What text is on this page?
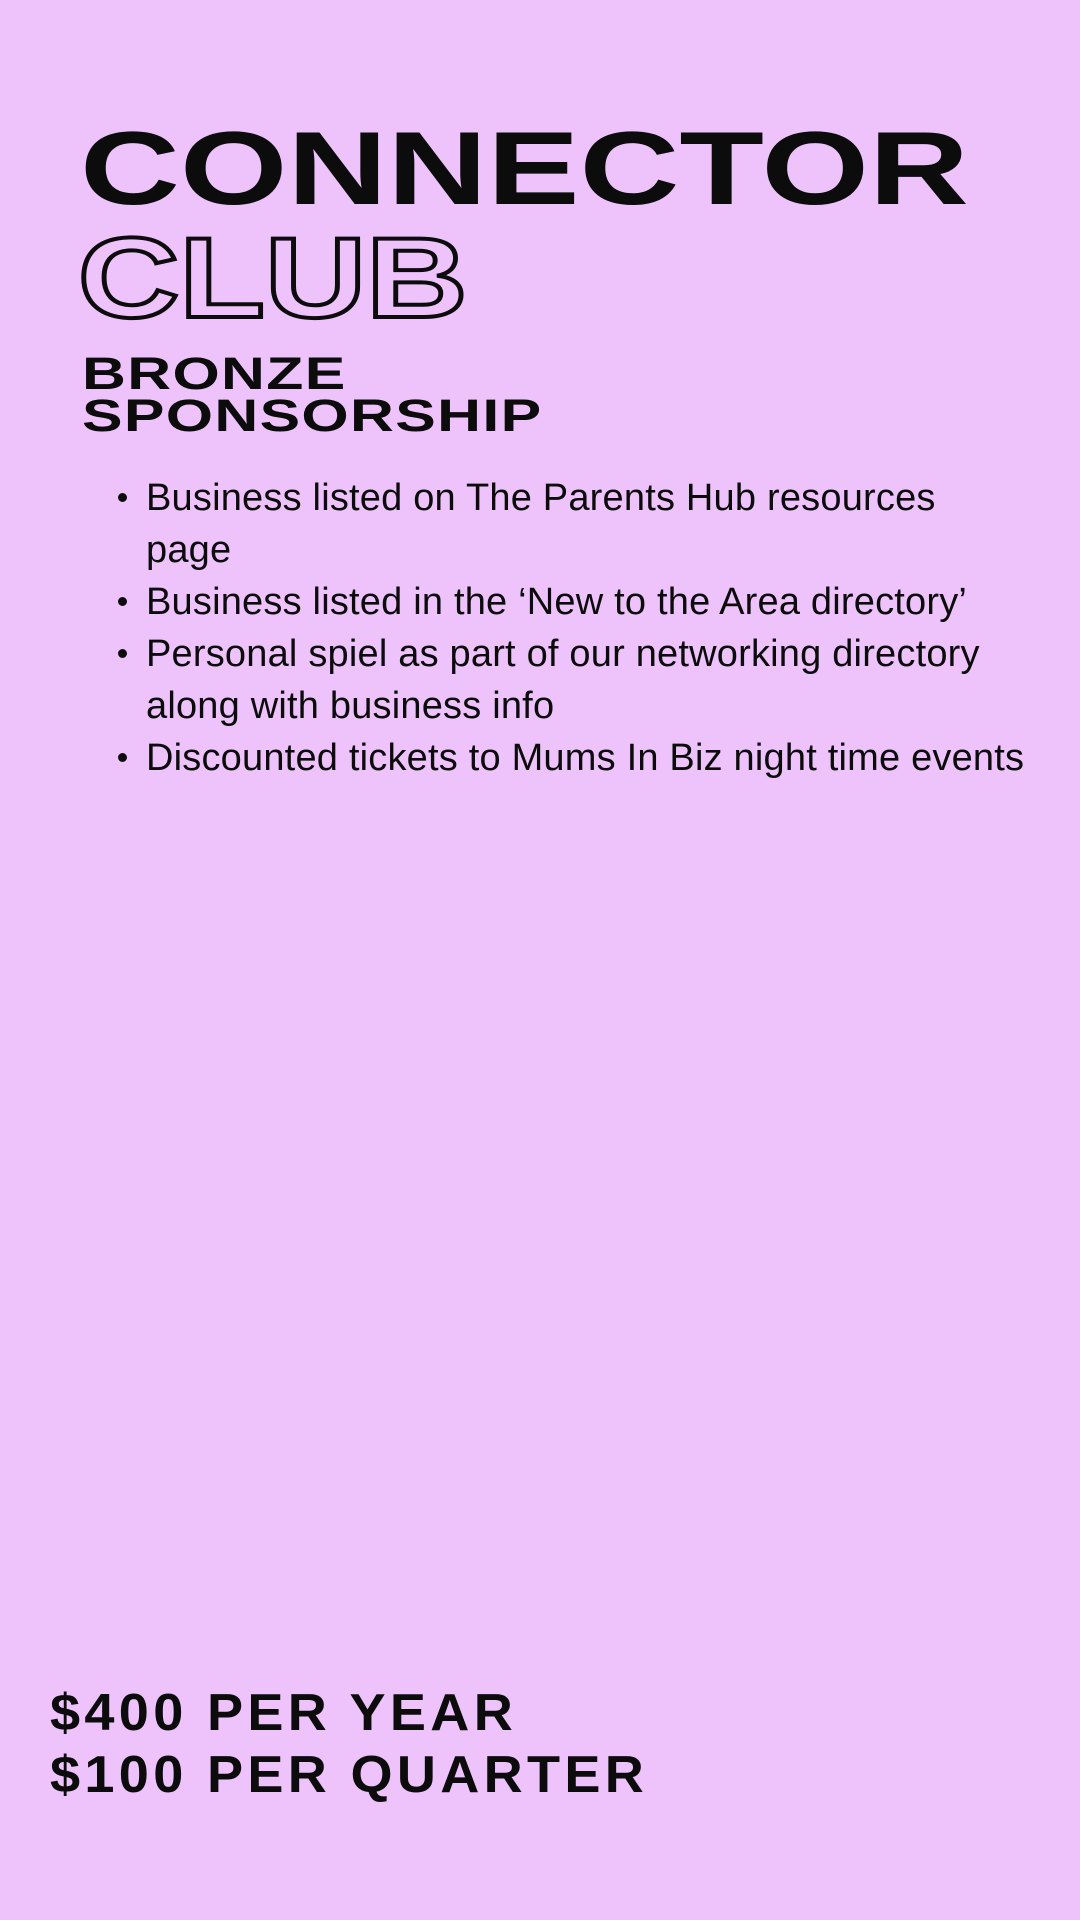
CONNECTOR
CLUB
BRONZE
SPONSORSHIP
Business listed on The Parents Hub resources page
Business listed in the ‘New to the Area directory’
Personal spiel as part of our networking directory along with business info
Discounted tickets to Mums In Biz night time events
$400 PER YEAR
$100 PER QUARTER
